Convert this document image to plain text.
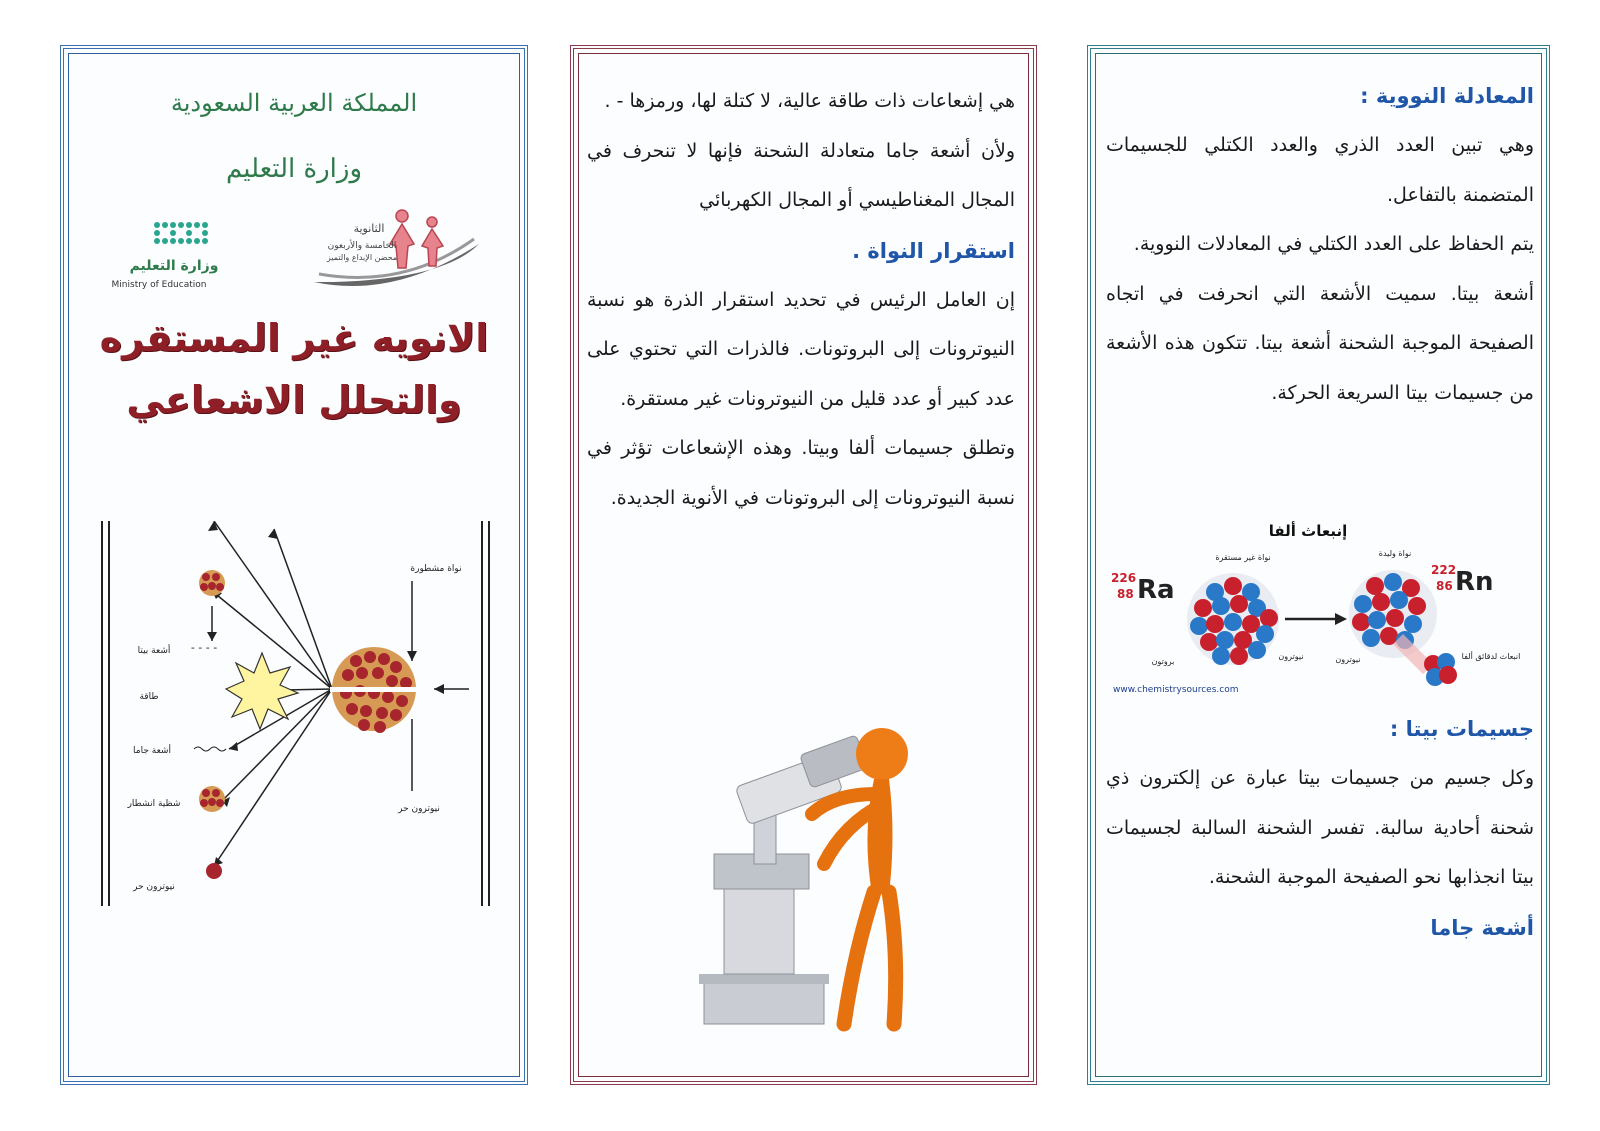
المملكة العربية السعودية
وزارة التعليم
وزارة التعليم
Ministry of Education
الثانوية
الخامسة والأربعون
محضن الإبداع والتميز
الانويه غير المستقره
والتحلل الاشعاعي
- - - -
نواة مشطورة
أشعة بيتا
طاقة
أشعة جاما
نيوترون حر
شظية انشطار
نيوترون حر

هي إشعاعات ذات طاقة عالية، لا كتلة لها، ورمزها - .

ولأن أشعة جاما متعادلة الشحنة فإنها لا تنحرف في المجال المغناطيسي أو المجال الكهربائي

استقرار النواة .

إن العامل الرئيس في تحديد استقرار الذرة هو نسبة النيوترونات إلى البروتونات. فالذرات التي تحتوي على عدد كبير أو عدد قليل من النيوترونات غير مستقرة.

وتطلق جسيمات ألفا وبيتا. وهذه الإشعاعات تؤثر في نسبة النيوترونات إلى البروتونات في الأنوية الجديدة.

المعادلة النووية :

وهي تبين العدد الذري والعدد الكتلي للجسيمات المتضمنة بالتفاعل.

يتم الحفاظ على العدد الكتلي في المعادلات النووية.

أشعة بيتا. سميت الأشعة التي انحرفت في اتجاه الصفيحة الموجبة الشحنة أشعة بيتا. تتكون هذه الأشعة من جسيمات بيتا السريعة الحركة.

إنبعاث ألفا
226
88 Ra
نواة غير مستقرة
222
86 Rn
نواة وليدة
بروتون
نيوترون	نيوترون	انبعاث لدقائق ألفا
www.chemistrysources.com

جسيمات بيتا :

وكل جسيم من جسيمات بيتا عبارة عن إلكترون ذي شحنة أحادية سالبة. تفسر الشحنة السالبة لجسيمات بيتا انجذابها نحو الصفيحة الموجبة الشحنة.

أشعة جاما
